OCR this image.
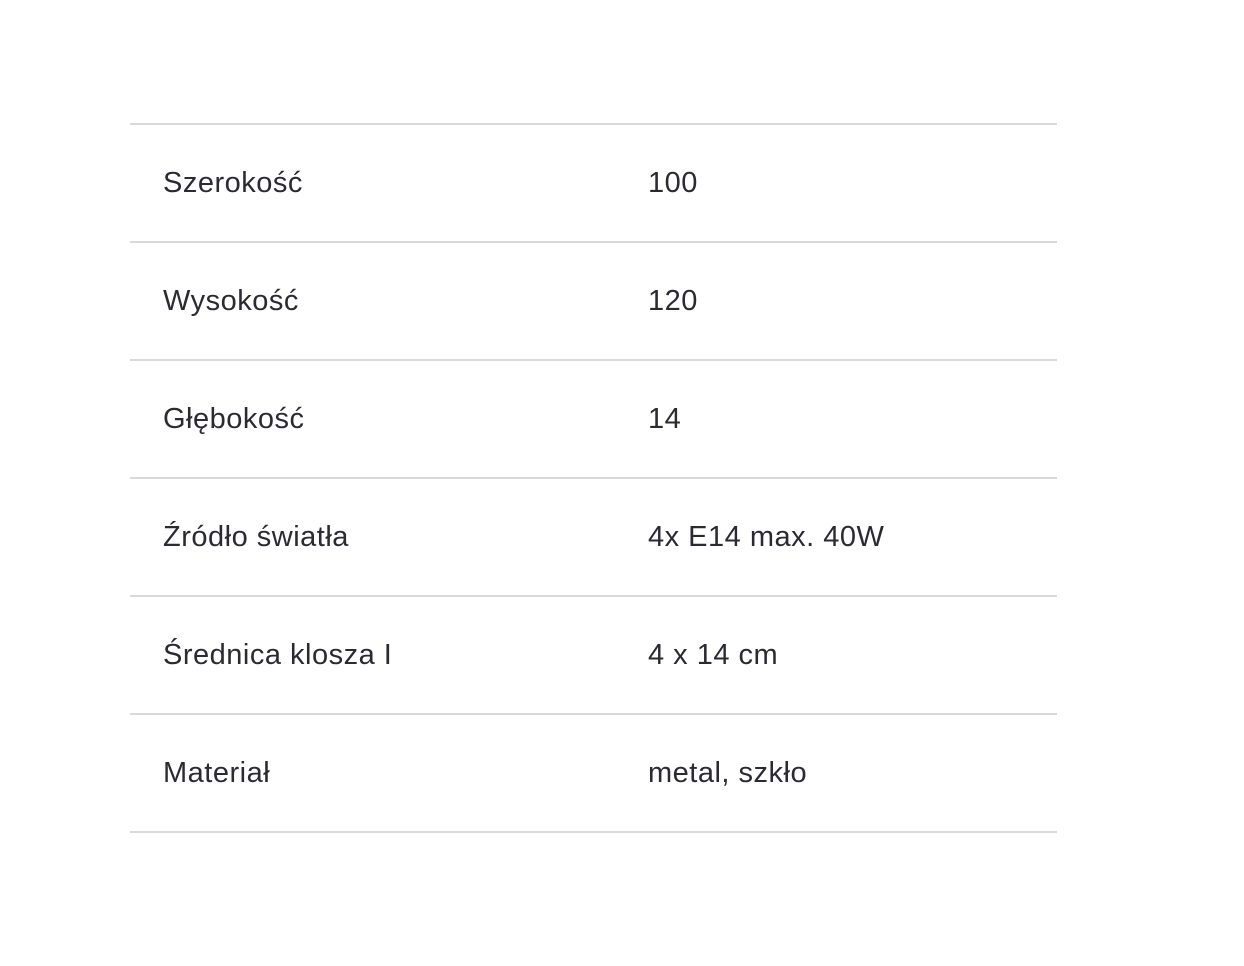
Szerokość	100
Wysokość	120
Głębokość	14
Źródło światła	4x E14 max. 40W
Średnica klosza I	4 x 14 cm
Materiał	metal, szkło
